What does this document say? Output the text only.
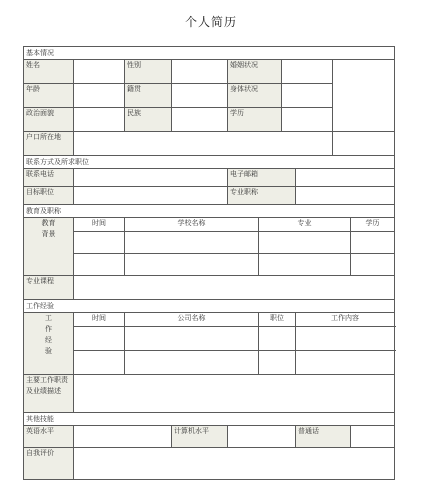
个人简历
基本情况									
姓名		性别		婚姻状况					
年龄		籍贯		身体状况					
政治面貌		民族		学历					
户口所在地									
联系方式及所求职位									
联系电话				电子邮箱					
目标职位				专业职称					
教育及职称									

教育
背景	时间	学校名称			专业				学历

专业课程									
工作经验									

工
作
经
验	时间	公司名称			职位		工作内容		

主要工作职责及业绩描述									
其他技能									
英语水平			计算机水平				普通话		
自我评价									
